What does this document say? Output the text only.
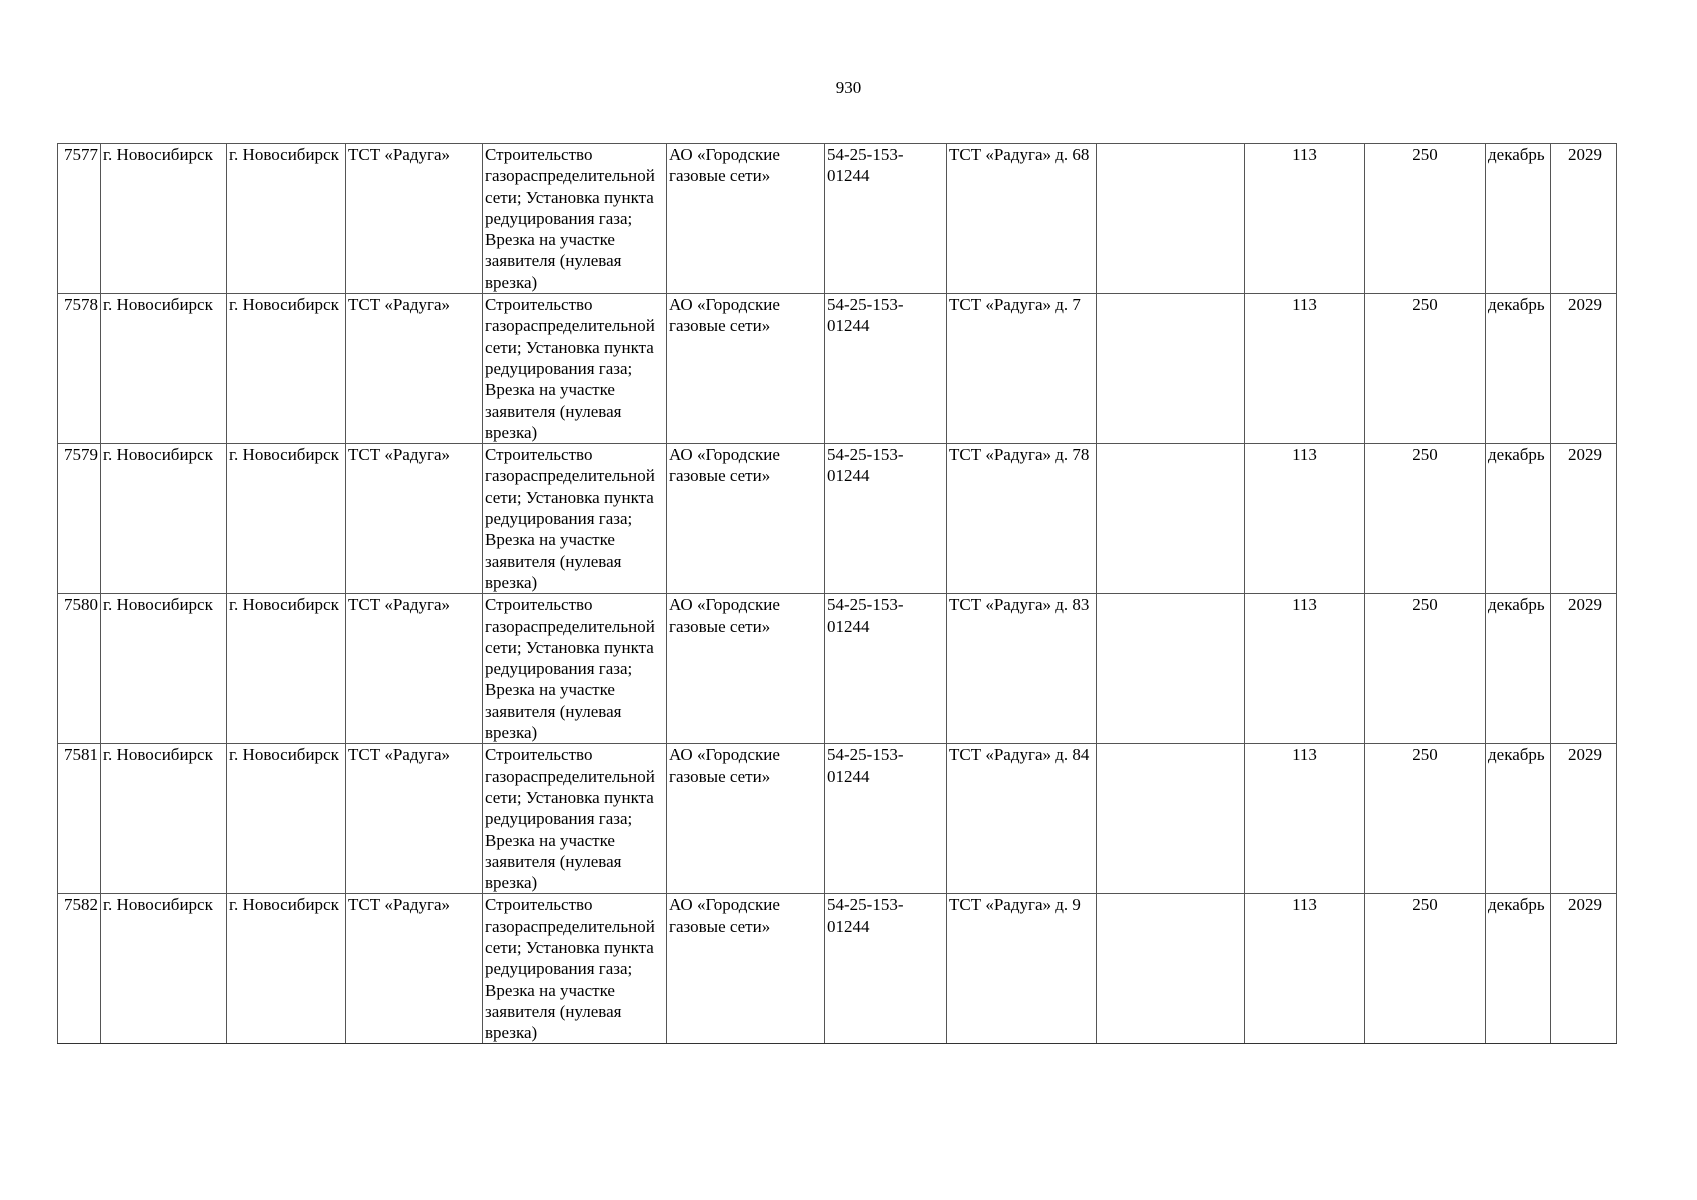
930
7577	г. Новосибирск	г. Новосибирск	ТСТ «Радуга»	Строительство газораспределительной сети; Установка пункта редуцирования газа; Врезка на участке заявителя (нулевая врезка)	АО «Городские газовые сети»	54-25-153-01244	ТСТ «Радуга» д. 68		113	250	декабрь	2029
7578	г. Новосибирск	г. Новосибирск	ТСТ «Радуга»	Строительство газораспределительной сети; Установка пункта редуцирования газа; Врезка на участке заявителя (нулевая врезка)	АО «Городские газовые сети»	54-25-153-01244	ТСТ «Радуга» д. 7		113	250	декабрь	2029
7579	г. Новосибирск	г. Новосибирск	ТСТ «Радуга»	Строительство газораспределительной сети; Установка пункта редуцирования газа; Врезка на участке заявителя (нулевая врезка)	АО «Городские газовые сети»	54-25-153-01244	ТСТ «Радуга» д. 78		113	250	декабрь	2029
7580	г. Новосибирск	г. Новосибирск	ТСТ «Радуга»	Строительство газораспределительной сети; Установка пункта редуцирования газа; Врезка на участке заявителя (нулевая врезка)	АО «Городские газовые сети»	54-25-153-01244	ТСТ «Радуга» д. 83		113	250	декабрь	2029
7581	г. Новосибирск	г. Новосибирск	ТСТ «Радуга»	Строительство газораспределительной сети; Установка пункта редуцирования газа; Врезка на участке заявителя (нулевая врезка)	АО «Городские газовые сети»	54-25-153-01244	ТСТ «Радуга» д. 84		113	250	декабрь	2029
7582	г. Новосибирск	г. Новосибирск	ТСТ «Радуга»	Строительство газораспределительной сети; Установка пункта редуцирования газа; Врезка на участке заявителя (нулевая врезка)	АО «Городские газовые сети»	54-25-153-01244	ТСТ «Радуга» д. 9		113	250	декабрь	2029
